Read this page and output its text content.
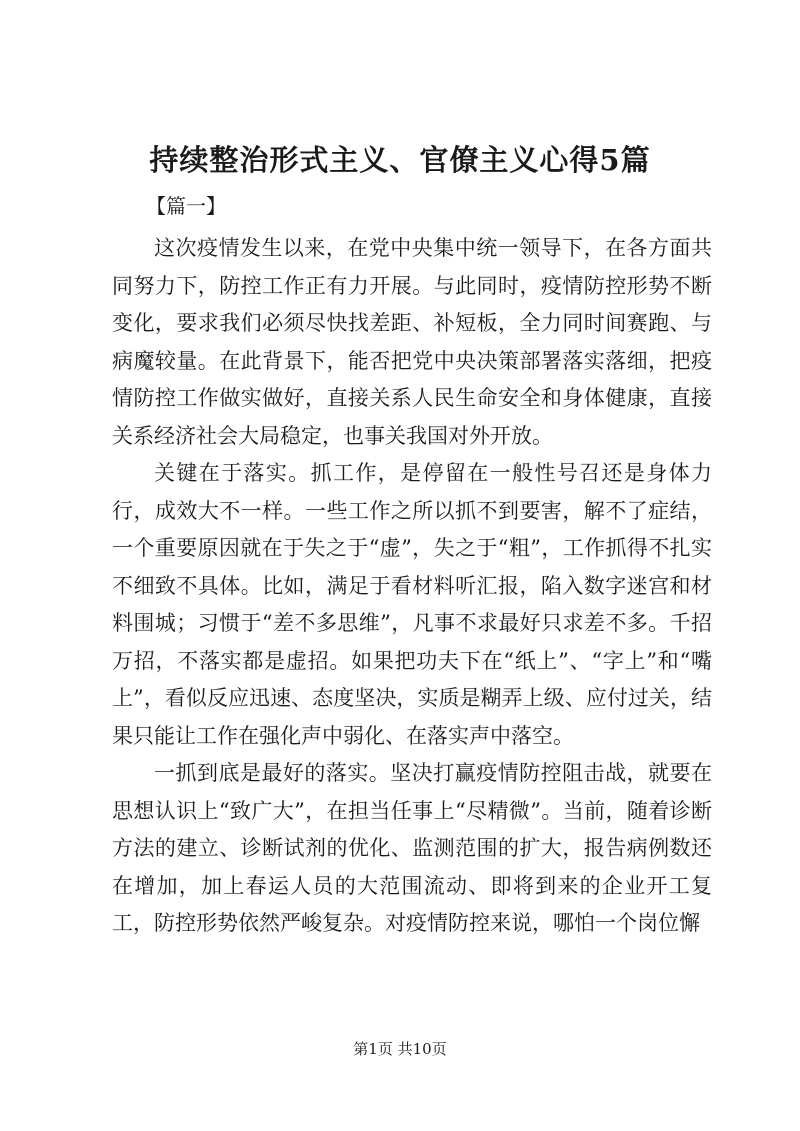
持续整治形式主义、官僚主义心得5篇

【篇一】

这次疫情发生以来，在党中央集中统一领导下，在各方面共同努力下，防控工作正有力开展。与此同时，疫情防控形势不断变化，要求我们必须尽快找差距、补短板，全力同时间赛跑、与病魔较量。在此背景下，能否把党中央决策部署落实落细，把疫情防控工作做实做好，直接关系人民生命安全和身体健康，直接关系经济社会大局稳定，也事关我国对外开放。

关键在于落实。抓工作，是停留在一般性号召还是身体力行，成效大不一样。一些工作之所以抓不到要害，解不了症结，一个重要原因就在于失之于“虚”，失之于“粗”，工作抓得不扎实不细致不具体。比如，满足于看材料听汇报，陷入数字迷宫和材料围城；习惯于“差不多思维”，凡事不求最好只求差不多。千招万招，不落实都是虚招。如果把功夫下在“纸上”、“字上”和“嘴上”，看似反应迅速、态度坚决，实质是糊弄上级、应付过关，结果只能让工作在强化声中弱化、在落实声中落空。

一抓到底是最好的落实。坚决打赢疫情防控阻击战，就要在思想认识上“致广大”，在担当任事上“尽精微”。当前，随着诊断方法的建立、诊断试剂的优化、监测范围的扩大，报告病例数还在增加，加上春运人员的大范围流动、即将到来的企业开工复工，防控形势依然严峻复杂。对疫情防控来说，哪怕一个岗位懈

第1页 共10页
